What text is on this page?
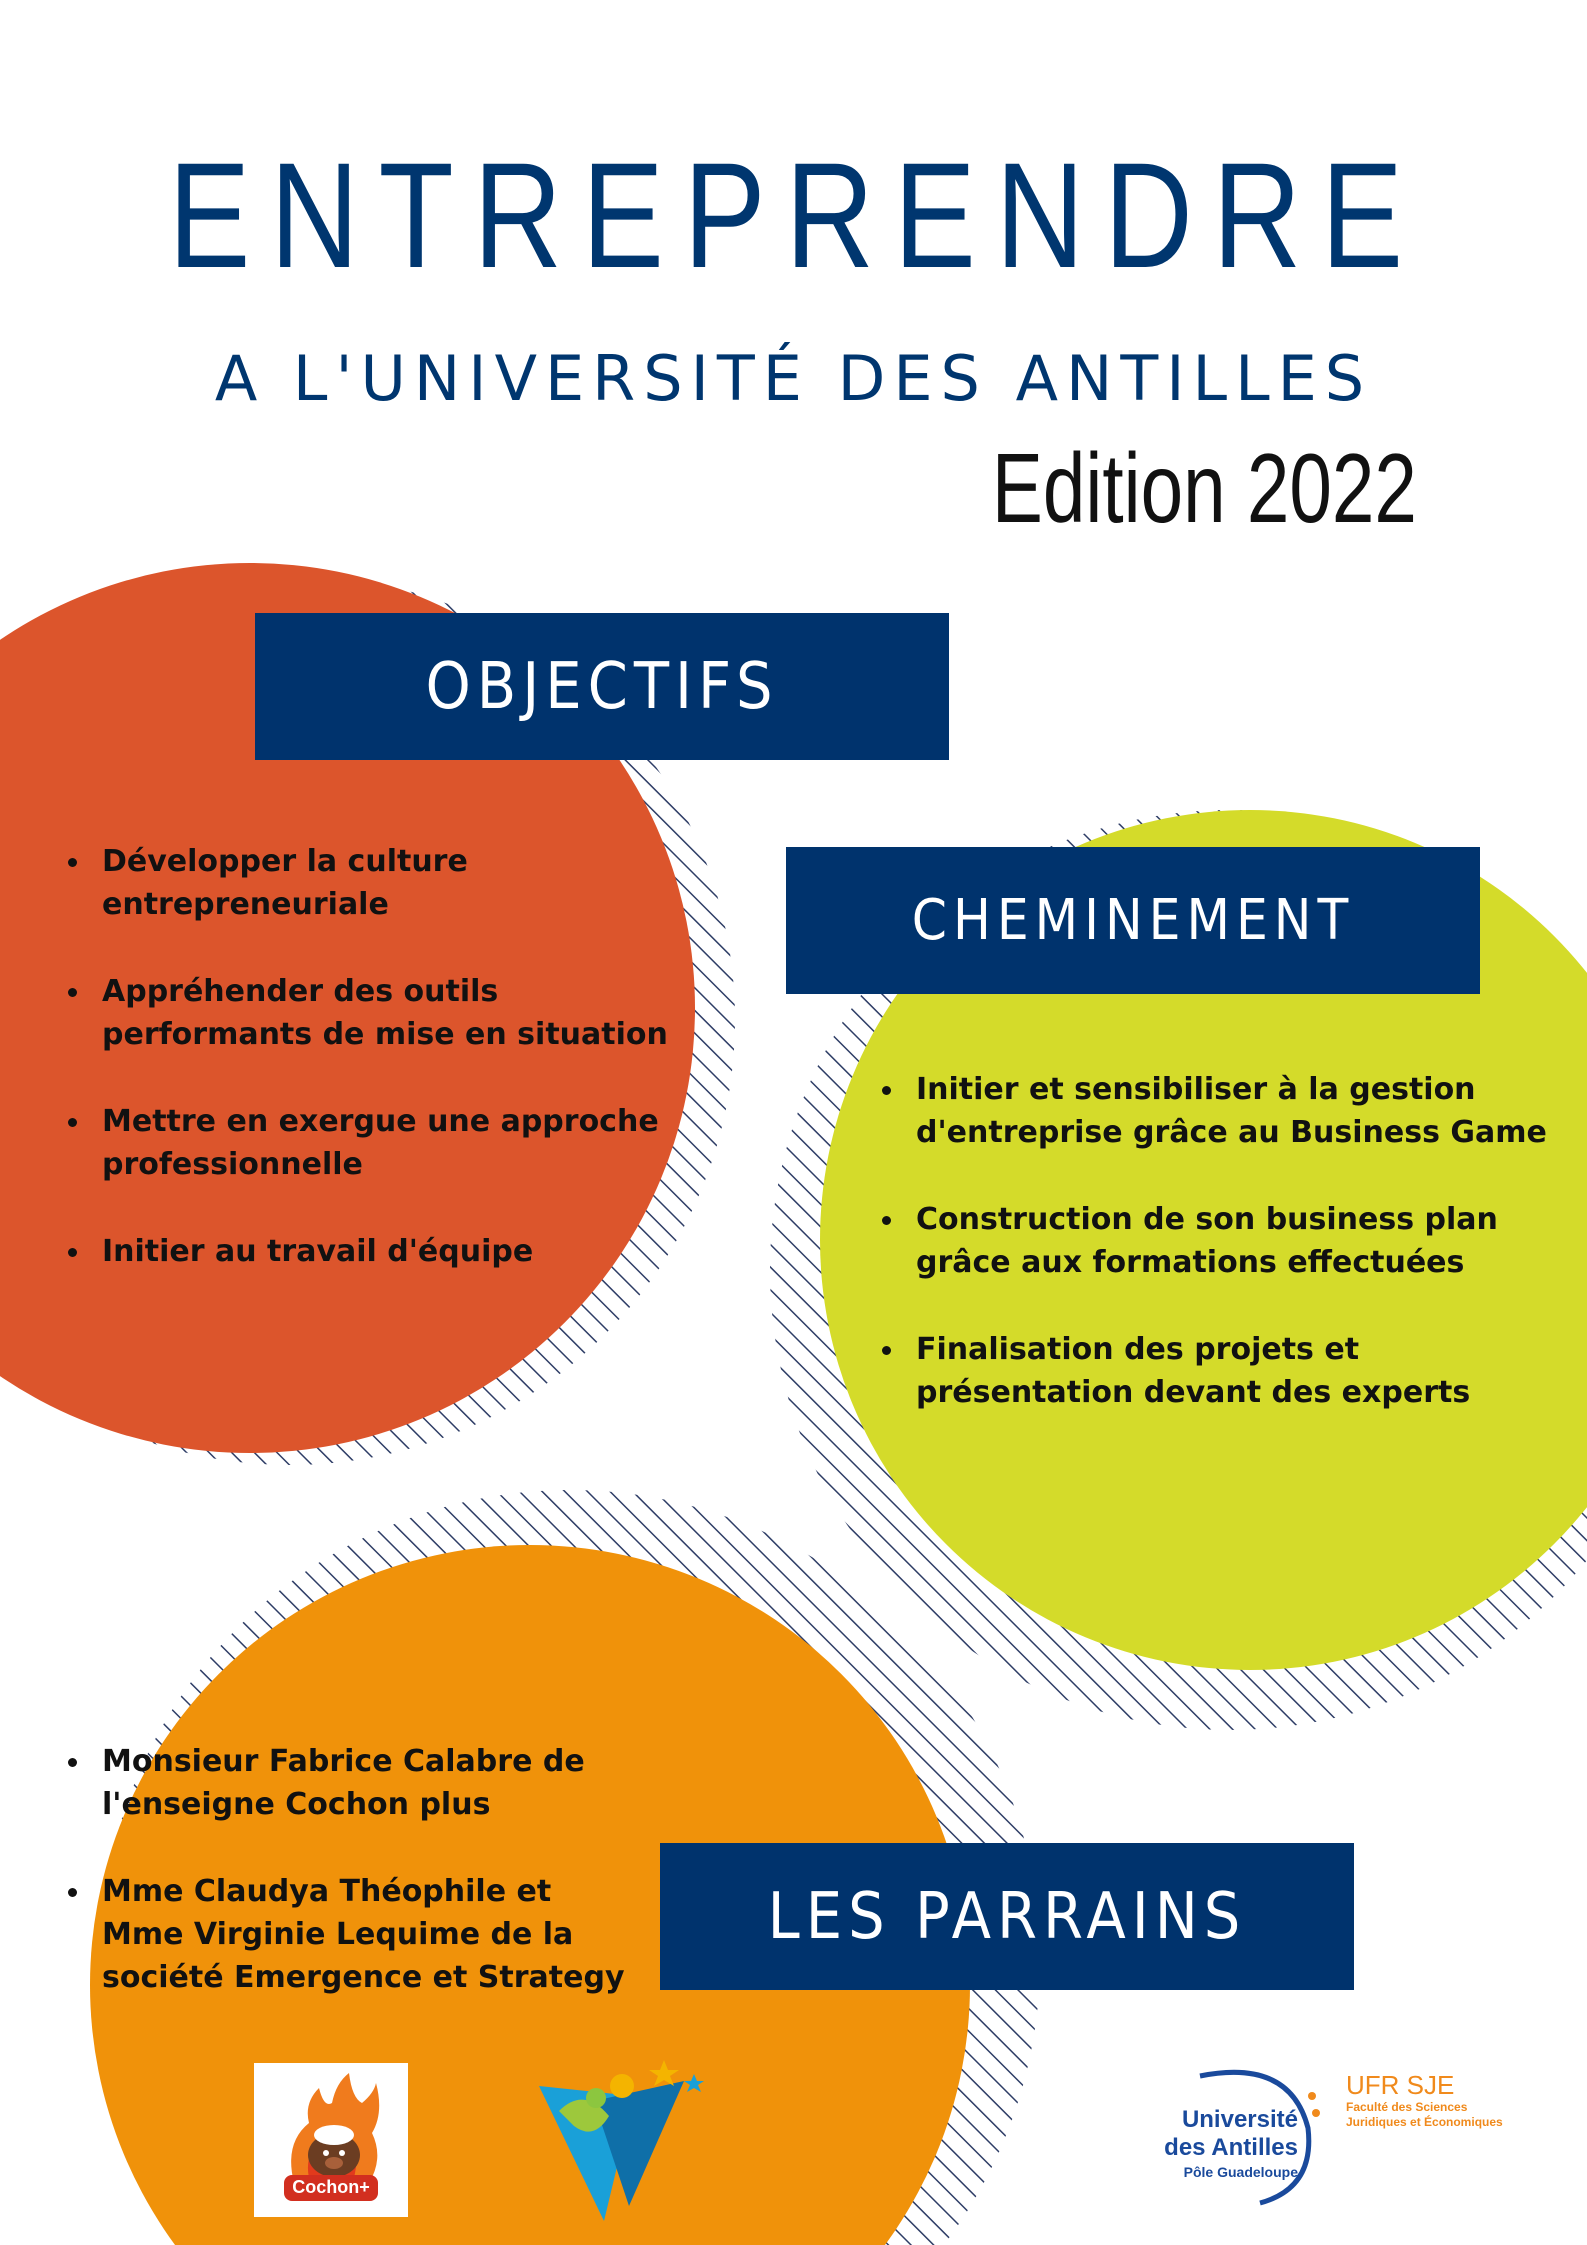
ENTREPRENDRE
A L'UNIVERSITÉ DES ANTILLES
Edition 2022
OBJECTIFS
Développer la culture entrepreneuriale
Appréhender des outils performants de mise en situation
Mettre en exergue une approche professionnelle
Initier au travail d'équipe
CHEMINEMENT
Initier et sensibiliser à la gestion d'entreprise grâce au Business Game
Construction de son business plan grâce aux formations effectuées
Finalisation des projets et présentation devant des experts
Monsieur Fabrice Calabre de l'enseigne Cochon plus
Mme Claudya Théophile et Mme Virginie Lequime de la société Emergence et Strategy
LES PARRAINS
Cochon+
Université
des Antilles
Pôle Guadeloupe
UFR SJE
Faculté des Sciences
Juridiques et Économiques
